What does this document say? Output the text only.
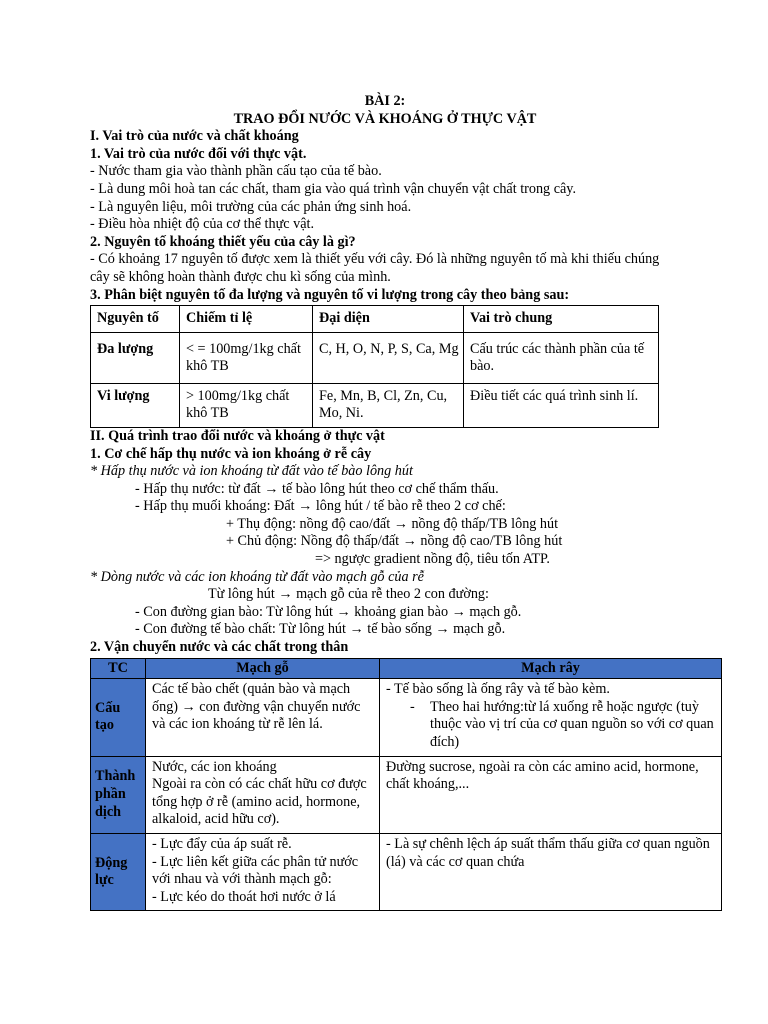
BÀI 2:

TRAO ĐỔI NƯỚC VÀ KHOÁNG Ở THỰC VẬT

I. Vai trò của nước và chất khoáng

1. Vai trò của nước đối với thực vật.

- Nước tham gia vào thành phần cấu tạo của tế bào.

- Là dung môi hoà tan các chất, tham gia vào quá trình vận chuyển vật chất trong cây.

- Là nguyên liệu, môi trường của các phản ứng sinh hoá.

- Điều hòa nhiệt độ của cơ thể thực vật.

2. Nguyên tố khoáng thiết yếu của cây là gì?

- Có khoảng 17 nguyên tố được xem là thiết yếu với cây. Đó là những nguyên tố mà khi thiếu chúng cây sẽ không hoàn thành được chu kì sống của mình.

3. Phân biệt nguyên tố đa lượng và nguyên tố vi lượng trong cây theo bảng sau:

Nguyên tố	Chiếm tỉ lệ	Đại diện	Vai trò chung
Đa lượng	< = 100mg/1kg chất khô TB	C, H, O, N, P, S, Ca, Mg	Cấu trúc các thành phần của tế bào.
Vi lượng	> 100mg/1kg chất khô TB	Fe, Mn, B, Cl, Zn, Cu, Mo, Ni.	Điều tiết các quá trình sinh lí.

II. Quá trình trao đổi nước và khoáng ở thực vật

1. Cơ chế hấp thụ nước và ion khoáng ở rễ cây

* Hấp thụ nước và ion khoáng từ đất vào tế bào lông hút

- Hấp thụ nước: từ đất → tế bào lông hút theo cơ chế thẩm thấu.

- Hấp thụ muối khoáng: Đất → lông hút / tế bào rễ theo 2 cơ chế:

+ Thụ động: nồng độ cao/đất → nồng độ thấp/TB lông hút

+ Chủ động: Nồng độ thấp/đất → nồng độ cao/TB lông hút

=> ngược gradient nồng độ, tiêu tốn ATP.

* Dòng nước và các ion khoáng từ đất vào mạch gỗ của rễ

Từ lông hút → mạch gỗ của rễ theo 2 con đường:

- Con đường gian bào: Từ lông hút → khoảng gian bào → mạch gỗ.

- Con đường tế bào chất: Từ lông hút → tế bào sống → mạch gỗ.

2. Vận chuyển nước và các chất trong thân

TC	Mạch gỗ	Mạch rây
Cấu tạo	Các tế bào chết (quản bào và mạch ống) → con đường vận chuyển nước và các ion khoáng từ rễ lên lá.	- Tế bào sống là ống rây và tế bào kèm.
- Theo hai hướng:từ lá xuống rễ hoặc ngược (tuỳ thuộc vào vị trí của cơ quan nguồn so với cơ quan đích)

Thành phần dịch	Nước, các ion khoáng
Ngoài ra còn có các chất hữu cơ được tổng hợp ở rễ (amino acid, hormone, alkaloid, acid hữu cơ).	Đường sucrose, ngoài ra còn các amino acid, hormone, chất khoáng,...
Động lực	- Lực đẩy của áp suất rễ.
- Lực liên kết giữa các phân tử nước với nhau và với thành mạch gỗ:
- Lực kéo do thoát hơi nước ở lá	- Là sự chênh lệch áp suất thẩm thấu giữa cơ quan nguồn (lá) và các cơ quan chứa
